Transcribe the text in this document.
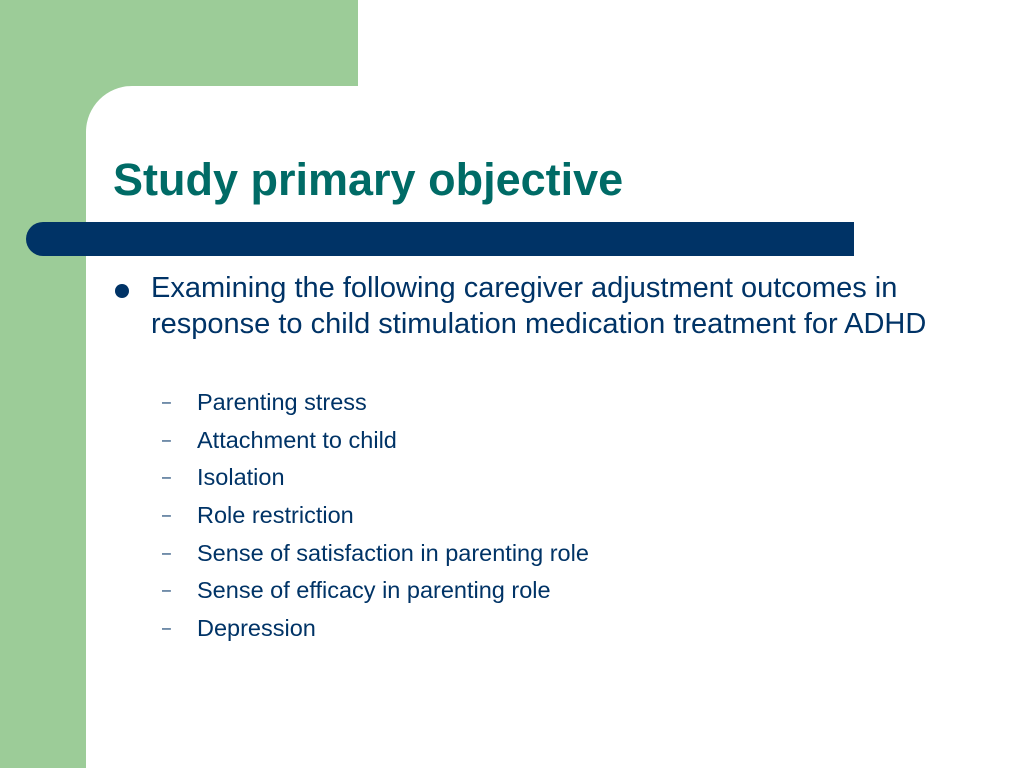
Study primary objective
Examining the following caregiver adjustment outcomes in response to child stimulation medication treatment for ADHD
– Parenting stress
– Attachment to child
– Isolation
– Role restriction
– Sense of satisfaction in parenting role
– Sense of efficacy in parenting role
– Depression
